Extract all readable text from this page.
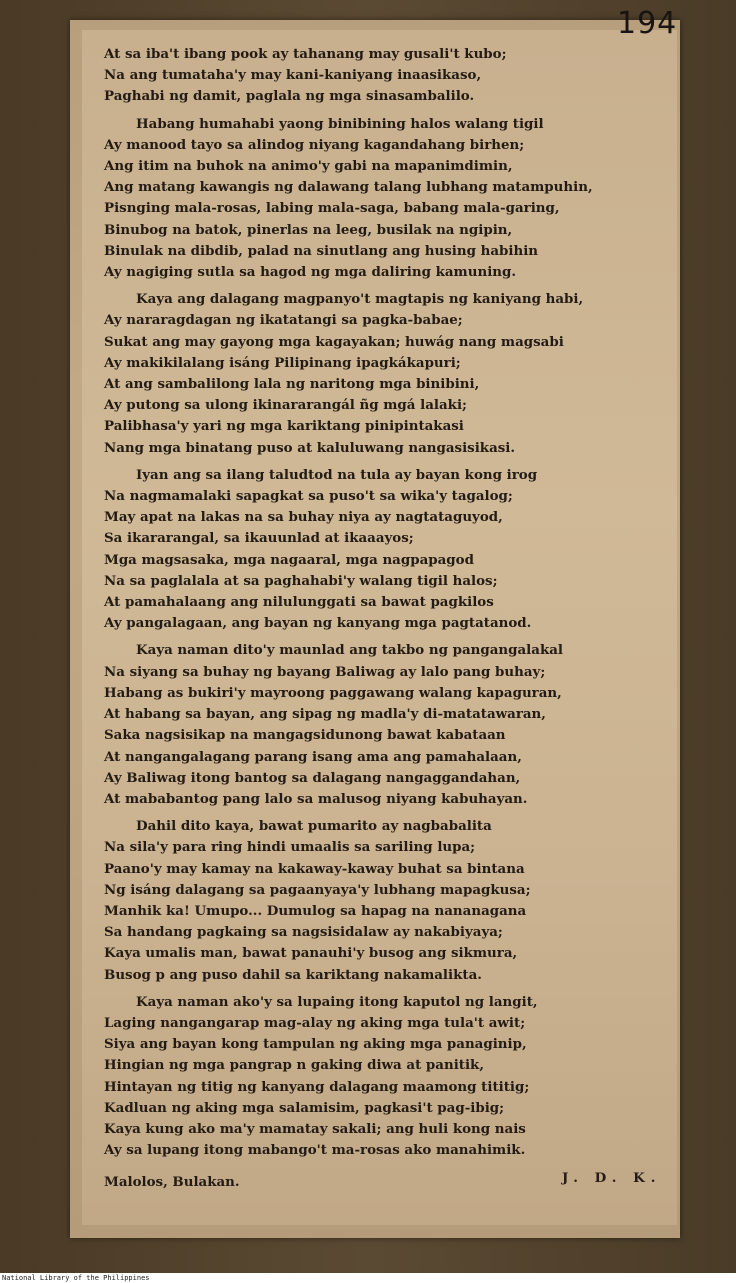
194
At sa iba't ibang pook ay tahanang may gusali't kubo;
Na ang tumataha'y may kani-kaniyang inaasikaso,
Paghabi ng damit, paglala ng mga sinasambalilo.
Habang humahabi yaong binibining halos walang tigil
Ay manood tayo sa alindog niyang kagandahang birhen;
Ang itim na buhok na animo'y gabi na mapanimdimin,
Ang matang kawangis ng dalawang talang lubhang matampuhin,
Pisnging mala-rosas, labing mala-saga, babang mala-garing,
Binubog na batok, pinerlas na leeg, busilak na ngipin,
Binulak na dibdib, palad na sinutlang ang husing habihin
Ay nagiging sutla sa hagod ng mga daliring kamuning.
Kaya ang dalagang magpanyo't magtapis ng kaniyang habi,
Ay nararagdagan ng ikatatangi sa pagka-babae;
Sukat ang may gayong mga kagayakan; huwág nang magsabi
Ay makikilalang isáng Pilipinang ipagkákapuri;
At ang sambalilong lala ng naritong mga binibini,
Ay putong sa ulong ikinararangál ñg mgá lalaki;
Palibhasa'y yari ng mga kariktang pinipintakasi
Nang mga binatang puso at kaluluwang nangasisikasi.
Iyan ang sa ilang taludtod na tula ay bayan kong irog
Na nagmamalaki sapagkat sa puso't sa wika'y tagalog;
May apat na lakas na sa buhay niya ay nagtataguyod,
Sa ikararangal, sa ikauunlad at ikaaayos;
Mga magsasaka, mga nagaaral, mga nagpapagod
Na sa paglalala at sa paghahabi'y walang tigil halos;
At pamahalaang ang nilulunggati sa bawat pagkilos
Ay pangalagaan, ang bayan ng kanyang mga pagtatanod.
Kaya naman dito'y maunlad ang takbo ng pangangalakal
Na siyang sa buhay ng bayang Baliwag ay lalo pang buhay;
Habang as bukiri'y mayroong paggawang walang kapaguran,
At habang sa bayan, ang sipag ng madla'y di-matatawaran,
Saka nagsisikap na mangagsidunong bawat kabataan
At nangangalagang parang isang ama ang pamahalaan,
Ay Baliwag itong bantog sa dalagang nangaggandahan,
At mababantog pang lalo sa malusog niyang kabuhayan.
Dahil dito kaya, bawat pumarito ay nagbabalita
Na sila'y para ring hindi umaalis sa sariling lupa;
Paano'y may kamay na kakaway-kaway buhat sa bintana
Ng isáng dalagang sa pagaanyaya'y lubhang mapagkusa;
Manhik ka! Umupo... Dumulog sa hapag na nananagana
Sa handang pagkaing sa nagsisidalaw ay nakabiyaya;
Kaya umalis man, bawat panauhi'y busog ang sikmura,
Busog p ang puso dahil sa kariktang nakamalikta.
Kaya naman ako'y sa lupaing itong kaputol ng langit,
Laging nangangarap mag-alay ng aking mga tula't awit;
Siya ang bayan kong tampulan ng aking mga panaginip,
Hingian ng mga pangrap n gaking diwa at panitik,
Hintayan ng titig ng kanyang dalagang maamong tititig;
Kadluan ng aking mga salamisim, pagkasi't pag-ibig;
Kaya kung ako ma'y mamatay sakali; ang huli kong nais
Ay sa lupang itong mabango't ma-rosas ako manahimik.
Malolos, Bulakan.	J. D. K.
National Library of the Philippines
